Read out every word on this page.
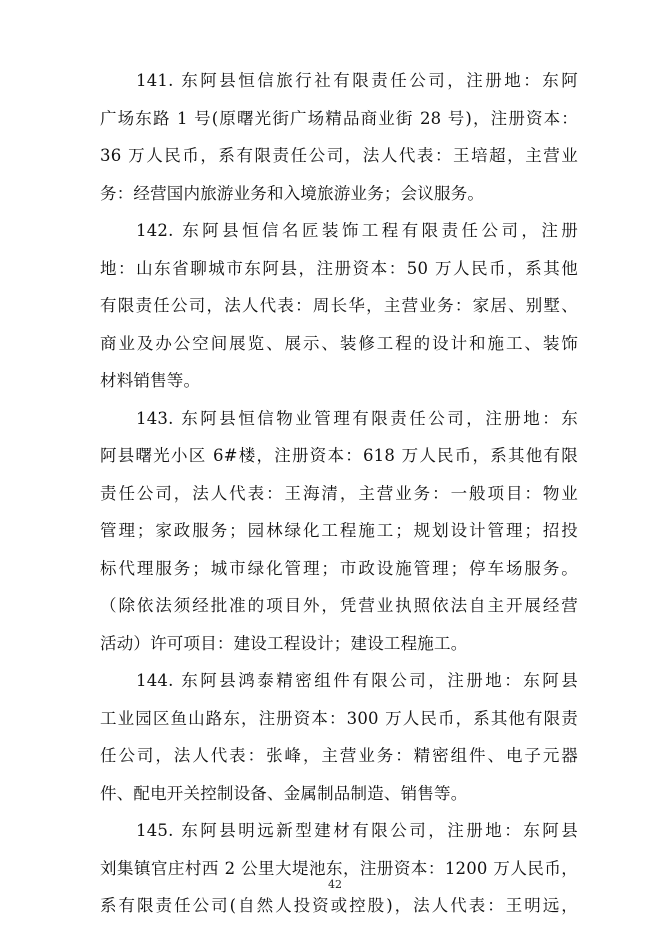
141. 东阿县恒信旅行社有限责任公司，注册地：东阿
广场东路 1 号(原曙光街广场精品商业街 28 号)，注册资本：
36 万人民币，系有限责任公司，法人代表：王培超，主营业
务：经营国内旅游业务和入境旅游业务；会议服务。
142. 东阿县恒信名匠装饰工程有限责任公司，注册
地：山东省聊城市东阿县，注册资本：50 万人民币，系其他
有限责任公司，法人代表：周长华，主营业务：家居、别墅、
商业及办公空间展览、展示、装修工程的设计和施工、装饰
材料销售等。
143. 东阿县恒信物业管理有限责任公司，注册地：东
阿县曙光小区 6#楼，注册资本：618 万人民币，系其他有限
责任公司，法人代表：王海清，主营业务：一般项目：物业
管理；家政服务；园林绿化工程施工；规划设计管理；招投
标代理服务；城市绿化管理；市政设施管理；停车场服务。
（除依法须经批准的项目外，凭营业执照依法自主开展经营
活动）许可项目：建设工程设计；建设工程施工。
144. 东阿县鸿泰精密组件有限公司，注册地：东阿县
工业园区鱼山路东，注册资本：300 万人民币，系其他有限责
任公司，法人代表：张峰，主营业务：精密组件、电子元器
件、配电开关控制设备、金属制品制造、销售等。
145. 东阿县明远新型建材有限公司，注册地：东阿县
刘集镇官庄村西 2 公里大堤池东，注册资本：1200 万人民币，
系有限责任公司(自然人投资或控股)，法人代表：王明远，
42
